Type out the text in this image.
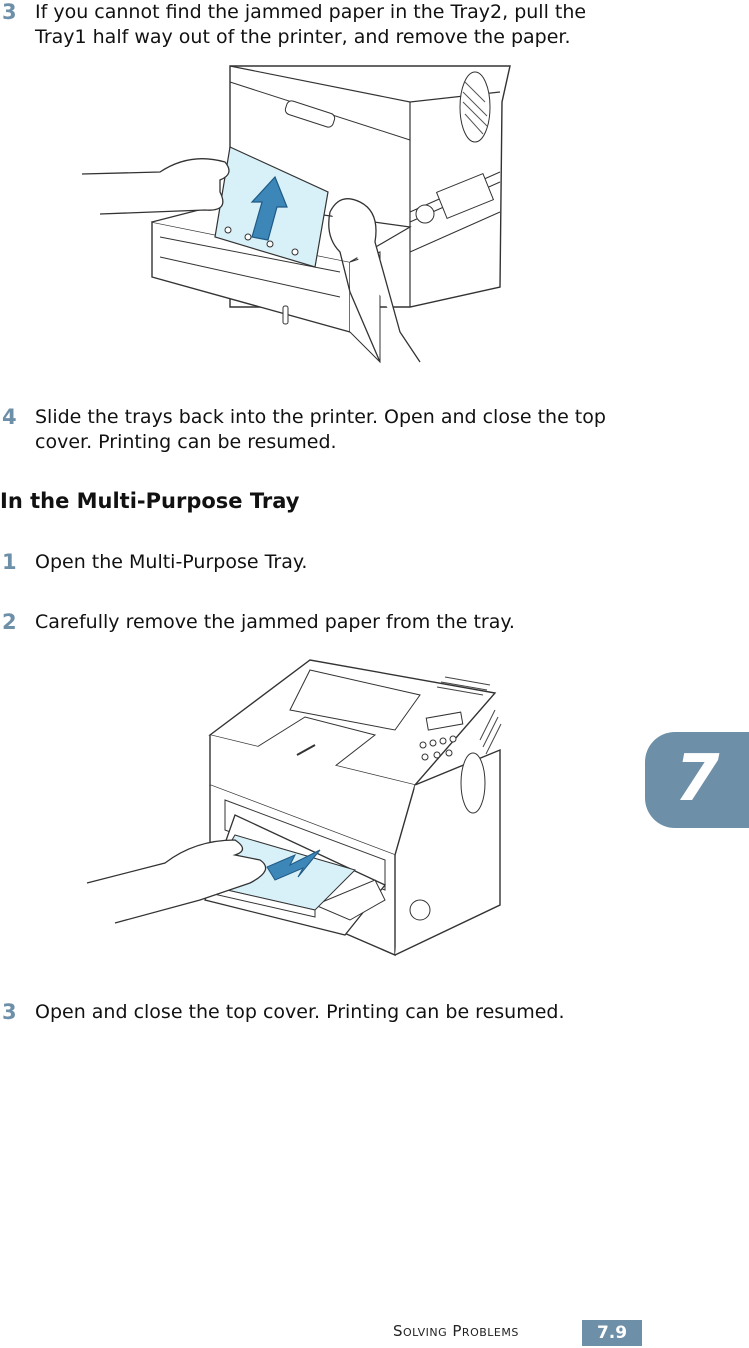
3 If you cannot find the jammed paper in the Tray2, pull the Tray1 half way out of the printer, and remove the paper.
4 Slide the trays back into the printer. Open and close the top cover. Printing can be resumed.
In the Multi-Purpose Tray
1 Open the Multi-Purpose Tray.
2 Carefully remove the jammed paper from the tray.
3 Open and close the top cover. Printing can be resumed.
7
Solving Problems	7.9
